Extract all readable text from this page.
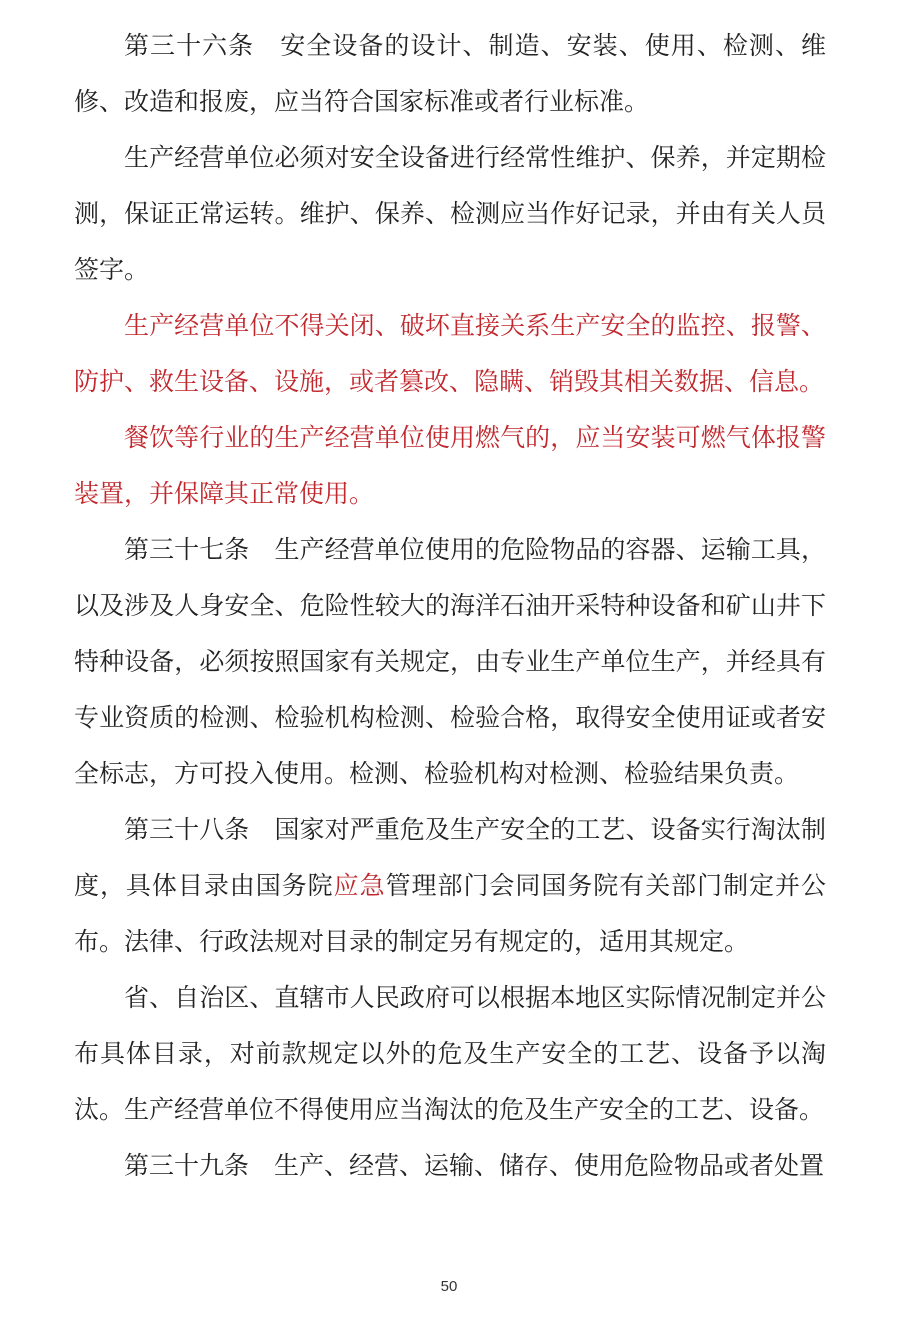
第三十六条　安全设备的设计、制造、安装、使用、检测、维修、改造和报废，应当符合国家标准或者行业标准。

生产经营单位必须对安全设备进行经常性维护、保养，并定期检测，保证正常运转。维护、保养、检测应当作好记录，并由有关人员签字。

生产经营单位不得关闭、破坏直接关系生产安全的监控、报警、防护、救生设备、设施，或者篡改、隐瞒、销毁其相关数据、信息。

餐饮等行业的生产经营单位使用燃气的，应当安装可燃气体报警装置，并保障其正常使用。

第三十七条　生产经营单位使用的危险物品的容器、运输工具，以及涉及人身安全、危险性较大的海洋石油开采特种设备和矿山井下特种设备，必须按照国家有关规定，由专业生产单位生产，并经具有专业资质的检测、检验机构检测、检验合格，取得安全使用证或者安全标志，方可投入使用。检测、检验机构对检测、检验结果负责。

第三十八条　国家对严重危及生产安全的工艺、设备实行淘汰制度，具体目录由国务院应急管理部门会同国务院有关部门制定并公布。法律、行政法规对目录的制定另有规定的，适用其规定。

省、自治区、直辖市人民政府可以根据本地区实际情况制定并公布具体目录，对前款规定以外的危及生产安全的工艺、设备予以淘汰。 生产经营单位不得使用应当淘汰的危及生产安全的工艺、设备。

第三十九条　生产、经营、运输、储存、使用危险物品或者处置

50
